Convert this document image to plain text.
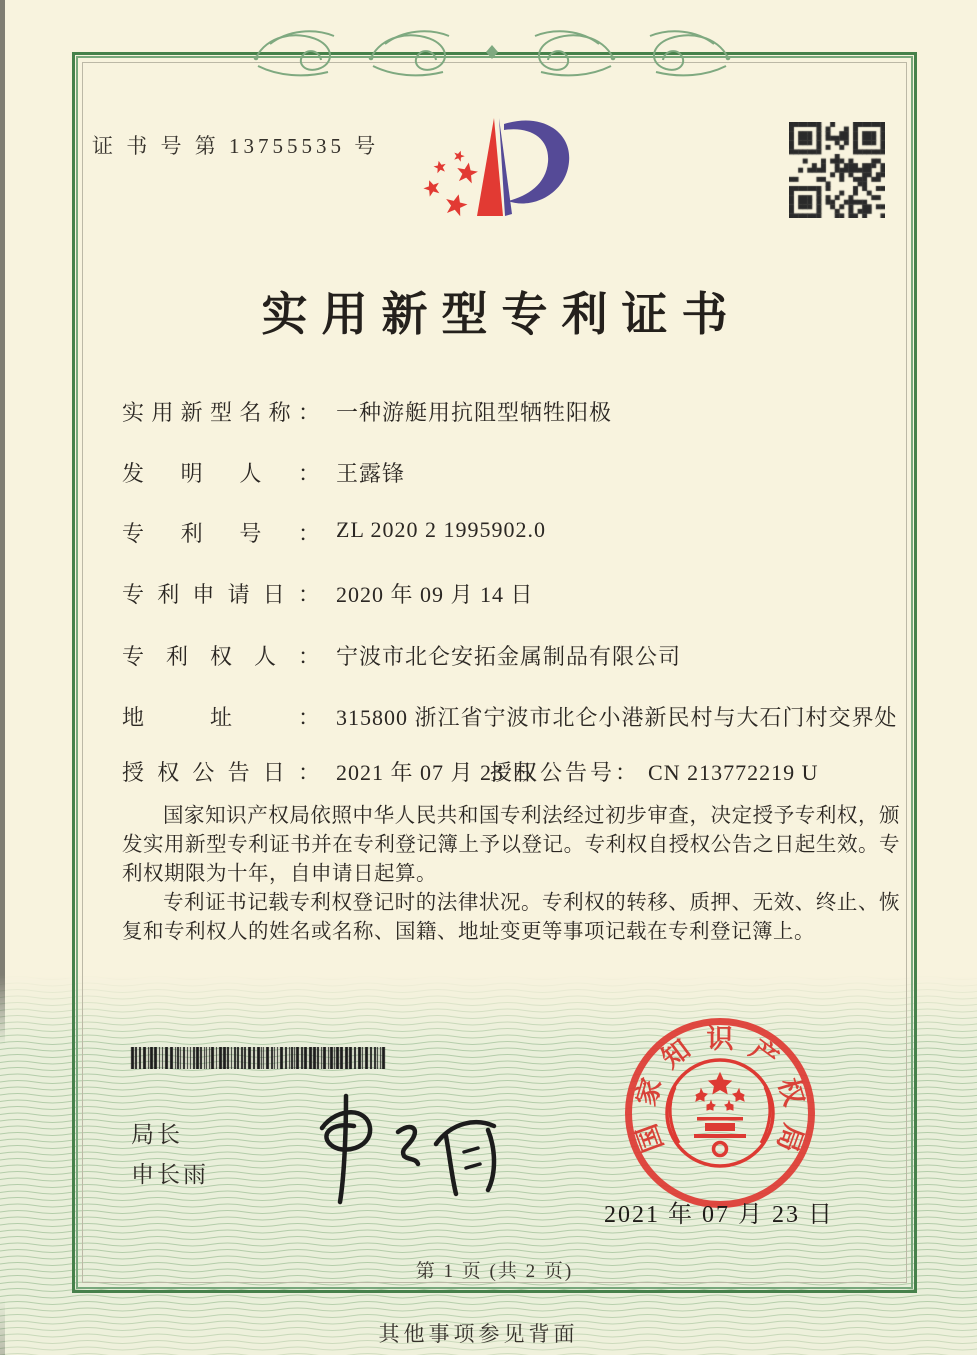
证 书 号 第 13755535 号
实用新型专利证书
实用新型名称： 一种游艇用抗阻型牺牲阳极
发明人： 王露锋
专利号： ZL 2020 2 1995902.0
专利申请日： 2020 年 09 月 14 日
专利权人： 宁波市北仑安拓金属制品有限公司
地址： 315800 浙江省宁波市北仑小港新民村与大石门村交界处
授权公告日： 2021 年 07 月 23 日
授权公告号： CN 213772219 U

国家知识产权局依照中华人民共和国专利法经过初步审查，决定授予专利权，颁发实用新型专利证书并在专利登记簿上予以登记。专利权自授权公告之日起生效。专利权期限为十年，自申请日起算。

专利证书记载专利权登记时的法律状况。专利权的转移、质押、无效、终止、恢复和专利权人的姓名或名称、国籍、地址变更等事项记载在专利登记簿上。

局长
申长雨
国
家
知 识 产
权
局
2021 年 07 月 23 日
第 1 页 (共 2 页)
其他事项参见背面
